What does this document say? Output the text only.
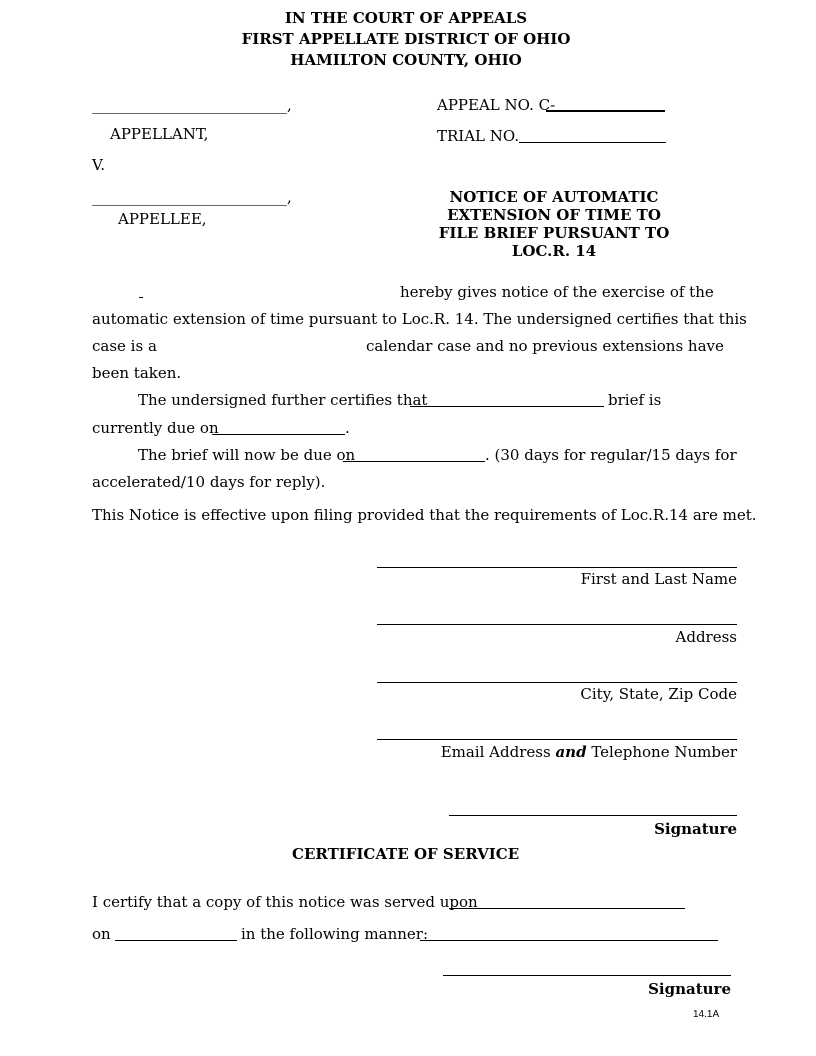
IN THE COURT OF APPEALS
FIRST APPELLATE DISTRICT OF OHIO
HAMILTON COUNTY, OHIO
__________________________,
APPELLANT,
V.
__________________________,
APPELLEE,
APPEAL NO. C-
TRIAL NO.
NOTICE OF AUTOMATIC
EXTENSION OF TIME TO
FILE BRIEF PURSUANT TO
LOC.R. 14
hereby gives notice of the exercise of the
automatic extension of time pursuant to Loc.R. 14. The undersigned certifies that this
case is a	calendar case and no previous extensions have
been taken.
The undersigned further certifies that	brief is
currently due on	.
The brief will now be due on	. (30 days for regular/15 days for
accelerated/10 days for reply).
This Notice is effective upon filing provided that the requirements of Loc.R.14 are met.
First and Last Name
Address
City, State, Zip Code
Email Address and Telephone Number
Signature
CERTIFICATE OF SERVICE
I certify that a copy of this notice was served upon
on	in the following manner:
Signature
14.1A
